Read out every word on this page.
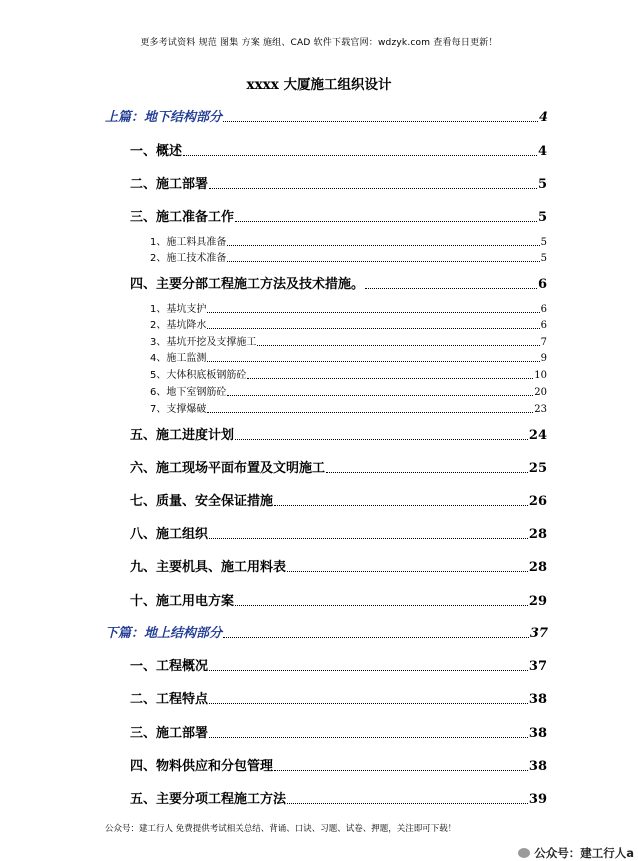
更多考试资料 规范 图集 方案 施组、CAD 软件下载官网：wdzyk.com 查看每日更新！
xxxx 大厦施工组织设计
上篇：地下结构部分	4
一、概述	4
二、施工部署	5
三、施工准备工作	5
1、施工料具准备	5
2、施工技术准备	5
四、主要分部工程施工方法及技术措施。	6
1、基坑支护	6
2、基坑降水	6
3、基坑开挖及支撑施工	7
4、施工监测	9
5、大体积底板钢筋砼	10
6、地下室钢筋砼	20
7、支撑爆破	23
五、施工进度计划	24
六、施工现场平面布置及文明施工	25
七、质量、安全保证措施	26
八、施工组织	28
九、主要机具、施工用料表	28
十、施工用电方案	29
下篇：地上结构部分	37
一、工程概况	37
二、工程特点	38
三、施工部署	38
四、物料供应和分包管理	38
五、主要分项工程施工方法	39
公众号：建工行人 免费提供考试相关总结、背诵、口诀、习题、试卷、押题，关注即可下载！
公众号：建工行人a
